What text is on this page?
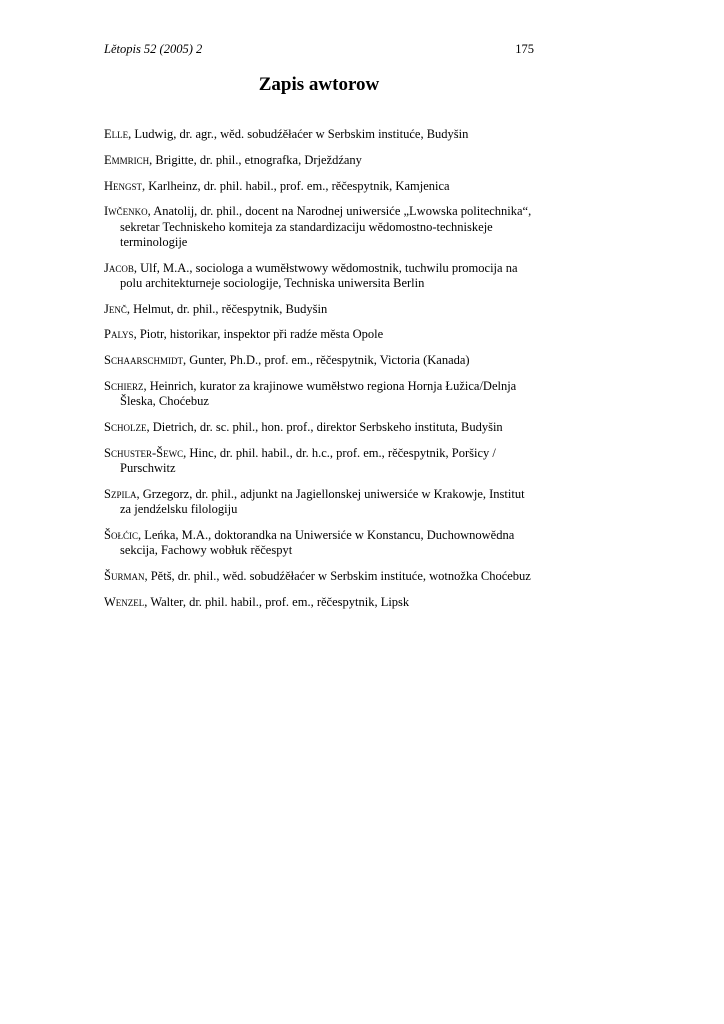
Lětopis 52 (2005) 2	175
Zapis awtorow

Elle, Ludwig, dr. agr., wěd. sobudźěłaćer w Serbskim instituće, Budyšin

Emmrich, Brigitte, dr. phil., etnografka, Drježdźany

Hengst, Karlheinz, dr. phil. habil., prof. em., rěčespytnik, Kamjenica

Iwčenko, Anatolij, dr. phil., docent na Narodnej uniwersiće „Lwowska politechnika“, sekretar Techniskeho komiteja za standardizaciju wědomostno-techniskeje terminologije

Jacob, Ulf, M.A., sociologa a wuměłstwowy wědomostnik, tuchwilu promocija na polu architekturneje sociologije, Techniska uniwersita Berlin

Jenč, Helmut, dr. phil., rěčespytnik, Budyšin

Palys, Piotr, historikar, inspektor při radźe města Opole

Schaarschmidt, Gunter, Ph.D., prof. em., rěčespytnik, Victoria (Kanada)

Schierz, Heinrich, kurator za krajinowe wuměłstwo regiona Hornja Łužica/Delnja Šleska, Choćebuz

Scholze, Dietrich, dr. sc. phil., hon. prof., direktor Serbskeho instituta, Budyšin

Schuster-Šewc, Hinc, dr. phil. habil., dr. h.c., prof. em., rěčespytnik, Poršicy / Purschwitz

Szpila, Grzegorz, dr. phil., adjunkt na Jagiellonskej uniwersiće w Krakowje, Institut za jendźelsku filologiju

Šołćic, Leńka, M.A., doktorandka na Uniwersiće w Konstancu, Duchownowědna sekcija, Fachowy wobłuk rěčespyt

Šurman, Pětš, dr. phil., wěd. sobudźěłaćer w Serbskim instituće, wotnožka Choćebuz

Wenzel, Walter, dr. phil. habil., prof. em., rěčespytnik, Lipsk
